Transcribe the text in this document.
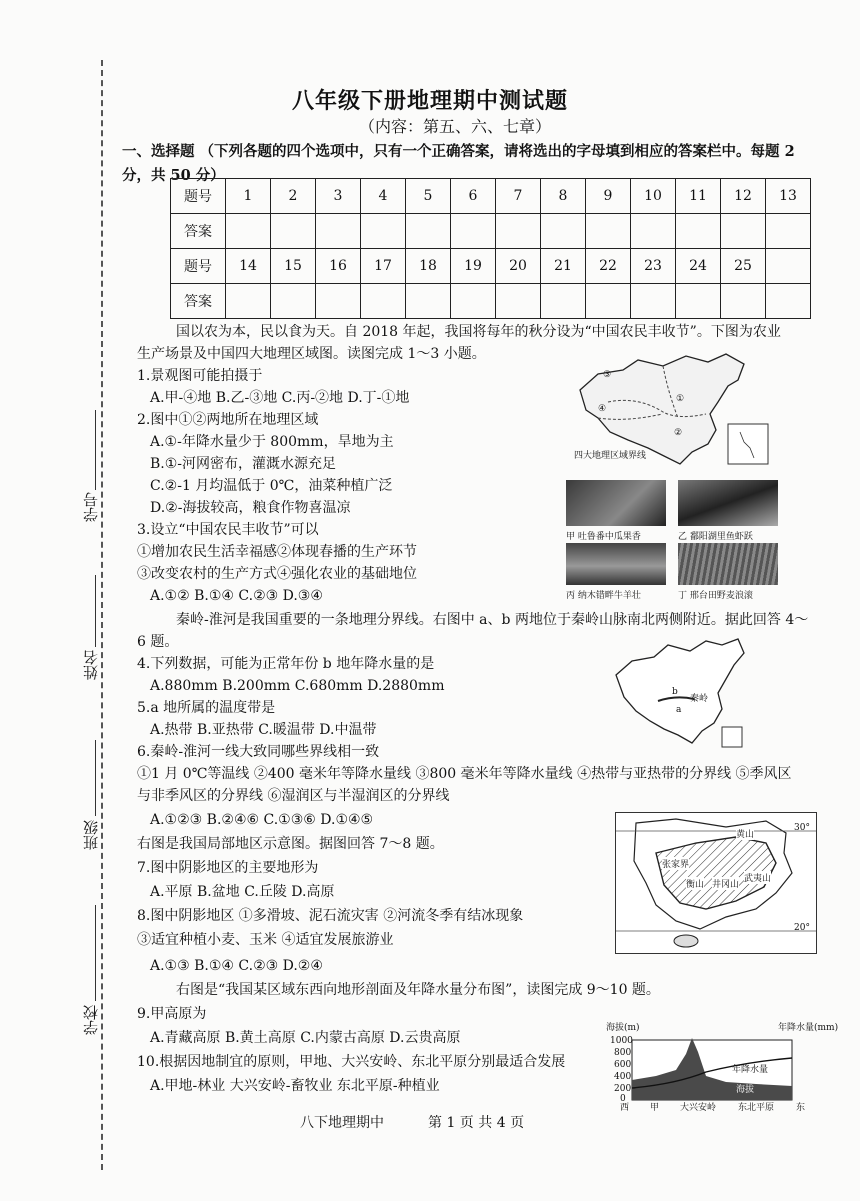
学号
姓名
班级
学校
八年级下册地理期中测试题
（内容：第五、六、七章）
一、选择题 （下列各题的四个选项中，只有一个正确答案，请将选出的字母填到相应的答案栏中。每题 2
分，共 50 分）
题号	1	2	3	4	5	6	7	8	9	10	11	12	13
答案													
题号	14	15	16	17	18	19	20	21	22	23	24	25	
答案													
国以农为本，民以食为天。自 2018 年起，我国将每年的秋分设为“中国农民丰收节”。下图为农业
生产场景及中国四大地理区域图。读图完成 1～3 小题。
1.景观图可能拍摄于
A.甲-④地 B.乙-③地 C.丙-②地 D.丁-①地
2.图中①②两地所在地理区域
A.①-年降水量少于 800mm，旱地为主
B.①-河网密布，灌溉水源充足
C.②-1 月均温低于 0℃，油菜种植广泛
D.②-海拔较高，粮食作物喜温凉
3.设立“中国农民丰收节”可以
①增加农民生活幸福感②体现春播的生产环节
③改变农村的生产方式④强化农业的基础地位
A.①② B.①④ C.②③ D.③④
③
④
①
②
四大地理区域界线
甲 吐鲁番中瓜果香	乙 鄱阳湖里鱼虾跃
丙 纳木错畔牛羊壮	丁 邢台田野麦浪滚
秦岭-淮河是我国重要的一条地理分界线。右图中 a、b 两地位于秦岭山脉南北两侧附近。据此回答 4～
6 题。
b
a
秦岭
4.下列数据，可能为正常年份 b 地年降水量的是
A.880mm B.200mm C.680mm D.2880mm
5.a 地所属的温度带是
A.热带 B.亚热带 C.暖温带 D.中温带
6.秦岭-淮河一线大致同哪些界线相一致
①1 月 0℃等温线 ②400 毫米年等降水量线 ③800 毫米年等降水量线 ④热带与亚热带的分界线 ⑤季风区
与非季风区的分界线 ⑥湿润区与半湿润区的分界线
A.①②③ B.②④⑥ C.①③⑥ D.①④⑤
右图是我国局部地区示意图。据图回答 7～8 题。
黄山
张家界
衡山 井冈山
武夷山
30°
20°
7.图中阴影地区的主要地形为
A.平原 B.盆地 C.丘陵 D.高原
8.图中阴影地区 ①多滑坡、泥石流灾害 ②河流冬季有结冰现象
③适宜种植小麦、玉米 ④适宜发展旅游业
A.①③ B.①④ C.②③ D.②④
右图是“我国某区域东西向地形剖面及年降水量分布图”，读图完成 9～10 题。
9.甲高原为
A.青藏高原 B.黄土高原 C.内蒙古高原 D.云贵高原
10.根据因地制宜的原则，甲地、大兴安岭、东北平原分别最适合发展
A.甲地-林业 大兴安岭-畜牧业 东北平原-种植业
海拔(m)	年降水量(mm)
1000
800
600
400
200
0
年降水量
海拔
西	东
甲 大兴安岭 东北平原
八下地理期中	第 1 页 共 4 页
